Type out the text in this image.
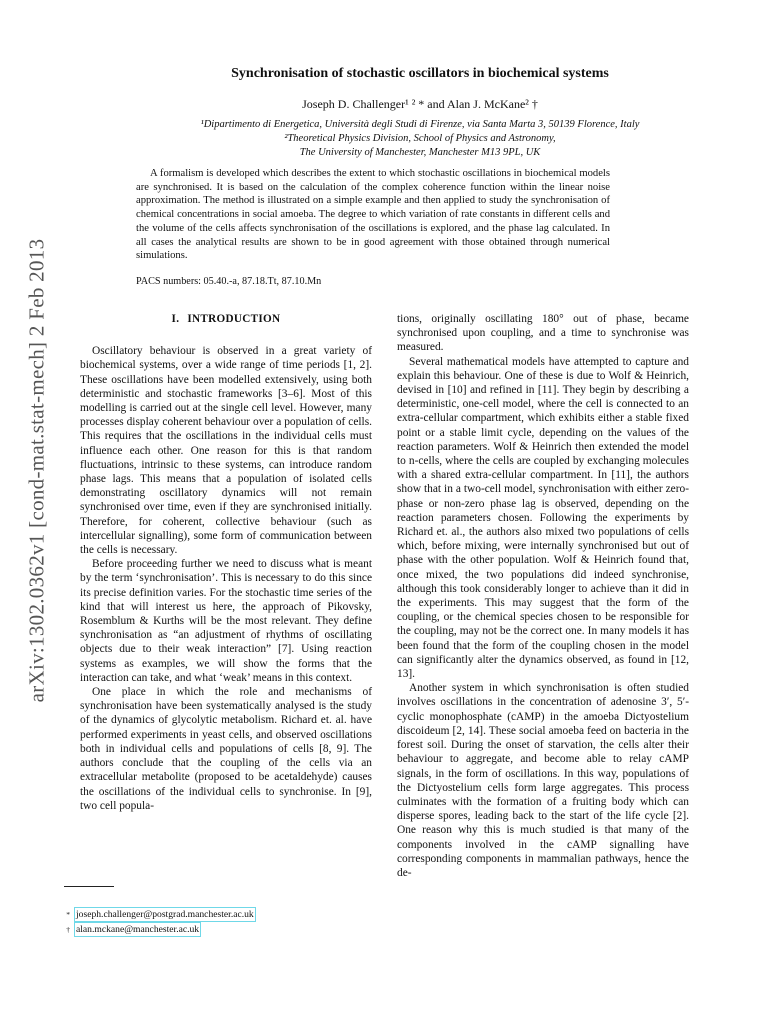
arXiv:1302.0362v1 [cond-mat.stat-mech] 2 Feb 2013
Synchronisation of stochastic oscillators in biochemical systems
Joseph D. Challenger¹ ² * and Alan J. McKane² †
¹Dipartimento di Energetica, Università degli Studi di Firenze, via Santa Marta 3, 50139 Florence, Italy
²Theoretical Physics Division, School of Physics and Astronomy,
The University of Manchester, Manchester M13 9PL, UK

A formalism is developed which describes the extent to which stochastic oscillations in biochemical models are synchronised. It is based on the calculation of the complex coherence function within the linear noise approximation. The method is illustrated on a simple example and then applied to study the synchronisation of chemical concentrations in social amoeba. The degree to which variation of rate constants in different cells and the volume of the cells affects synchronisation of the oscillations is explored, and the phase lag calculated. In all cases the analytical results are shown to be in good agreement with those obtained through numerical simulations.

PACS numbers: 05.40.-a, 87.18.Tt, 87.10.Mn
I. INTRODUCTION

Oscillatory behaviour is observed in a great variety of biochemical systems, over a wide range of time periods [1, 2]. These oscillations have been modelled extensively, using both deterministic and stochastic frameworks [3–6]. Most of this modelling is carried out at the single cell level. However, many processes display coherent behaviour over a population of cells. This requires that the oscillations in the individual cells must influence each other. One reason for this is that random fluctuations, intrinsic to these systems, can introduce random phase lags. This means that a population of isolated cells demonstrating oscillatory dynamics will not remain synchronised over time, even if they are synchronised initially. Therefore, for coherent, collective behaviour (such as intercellular signalling), some form of communication between the cells is necessary.

Before proceeding further we need to discuss what is meant by the term ‘synchronisation’. This is necessary to do this since its precise definition varies. For the stochastic time series of the kind that will interest us here, the approach of Pikovsky, Rosemblum & Kurths will be the most relevant. They define synchronisation as “an adjustment of rhythms of oscillating objects due to their weak interaction” [7]. Using reaction systems as examples, we will show the forms that the interaction can take, and what ‘weak’ means in this context.

One place in which the role and mechanisms of synchronisation have been systematically analysed is the study of the dynamics of glycolytic metabolism. Richard et. al. have performed experiments in yeast cells, and observed oscillations both in individual cells and populations of cells [8, 9]. The authors conclude that the coupling of the cells via an extracellular metabolite (proposed to be acetaldehyde) causes the oscillations of the individual cells to synchronise. In [9], two cell popula-

tions, originally oscillating 180° out of phase, became synchronised upon coupling, and a time to synchronise was measured.

Several mathematical models have attempted to capture and explain this behaviour. One of these is due to Wolf & Heinrich, devised in [10] and refined in [11]. They begin by describing a deterministic, one-cell model, where the cell is connected to an extra-cellular compartment, which exhibits either a stable fixed point or a stable limit cycle, depending on the values of the reaction parameters. Wolf & Heinrich then extended the model to n-cells, where the cells are coupled by exchanging molecules with a shared extra-cellular compartment. In [11], the authors show that in a two-cell model, synchronisation with either zero-phase or non-zero phase lag is observed, depending on the reaction parameters chosen. Following the experiments by Richard et. al., the authors also mixed two populations of cells which, before mixing, were internally synchronised but out of phase with the other population. Wolf & Heinrich found that, once mixed, the two populations did indeed synchronise, although this took considerably longer to achieve than it did in the experiments. This may suggest that the form of the coupling, or the chemical species chosen to be responsible for the coupling, may not be the correct one. In many models it has been found that the form of the coupling chosen in the model can significantly alter the dynamics observed, as found in [12, 13].

Another system in which synchronisation is often studied involves oscillations in the concentration of adenosine 3′, 5′-cyclic monophosphate (cAMP) in the amoeba Dictyostelium discoideum [2, 14]. These social amoeba feed on bacteria in the forest soil. During the onset of starvation, the cells alter their behaviour to aggregate, and become able to relay cAMP signals, in the form of oscillations. In this way, populations of the Dictyostelium cells form large aggregates. This process culminates with the formation of a fruiting body which can disperse spores, leading back to the start of the life cycle [2]. One reason why this is much studied is that many of the components involved in the cAMP signalling have corresponding components in mammalian pathways, hence the de-

* joseph.challenger@postgrad.manchester.ac.uk
† alan.mckane@manchester.ac.uk
